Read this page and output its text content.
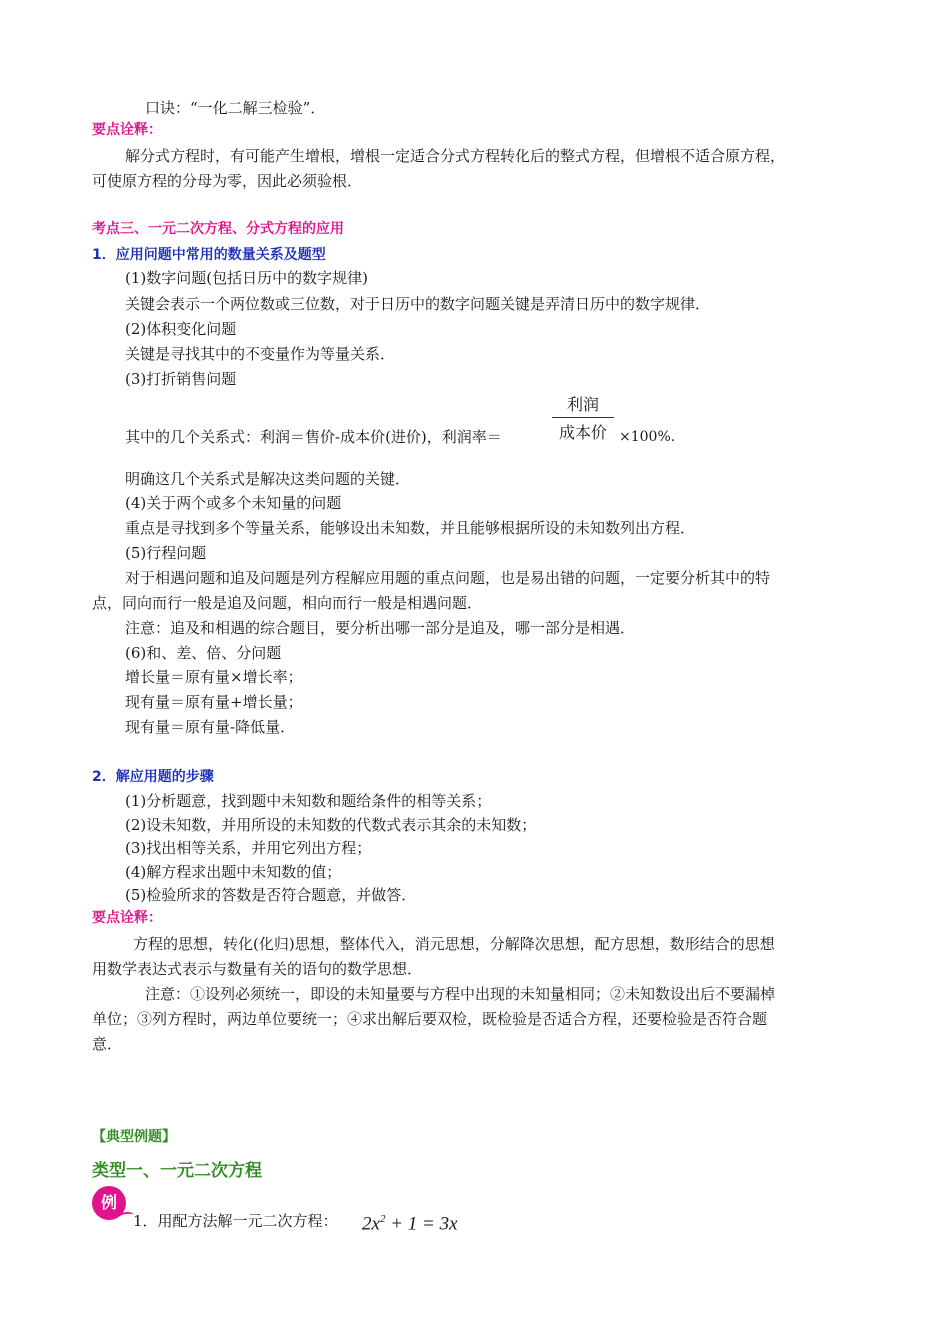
口诀：“一化二解三检验”．
要点诠释：
解分式方程时，有可能产生增根，增根一定适合分式方程转化后的整式方程，但增根不适合原方程，
可使原方程的分母为零，因此必须验根．
考点三、一元二次方程、分式方程的应用
1．应用问题中常用的数量关系及题型
(1)数字问题(包括日历中的数字规律)
关键会表示一个两位数或三位数，对于日历中的数字问题关键是弄清日历中的数字规律．
(2)体积变化问题
关键是寻找其中的不变量作为等量关系．
(3)打折销售问题
其中的几个关系式：利润＝售价-成本价(进价)，利润率＝
利润
成本价 ×100%.
明确这几个关系式是解决这类问题的关键．
(4)关于两个或多个未知量的问题
重点是寻找到多个等量关系，能够设出未知数，并且能够根据所设的未知数列出方程．
(5)行程问题
对于相遇问题和追及问题是列方程解应用题的重点问题，也是易出错的问题，一定要分析其中的特
点，同向而行一般是追及问题，相向而行一般是相遇问题．
注意：追及和相遇的综合题目，要分析出哪一部分是追及，哪一部分是相遇．
(6)和、差、倍、分问题
增长量＝原有量×增长率；
现有量＝原有量+增长量；
现有量＝原有量-降低量．
2．解应用题的步骤
(1)分析题意，找到题中未知数和题给条件的相等关系；
(2)设未知数，并用所设的未知数的代数式表示其余的未知数；
(3)找出相等关系，并用它列出方程；
(4)解方程求出题中未知数的值；
(5)检验所求的答数是否符合题意，并做答．
要点诠释：
方程的思想，转化(化归)思想，整体代入，消元思想，分解降次思想，配方思想，数形结合的思想
用数学表达式表示与数量有关的语句的数学思想．
注意：①设列必须统一，即设的未知量要与方程中出现的未知量相同；②未知数设出后不要漏棹
单位；③列方程时，两边单位要统一；④求出解后要双检，既检验是否适合方程，还要检验是否符合题
意．
【典型例题】
类型一、一元二次方程
例
1．用配方法解一元二次方程： $2x^2 + 1 = 3x$
